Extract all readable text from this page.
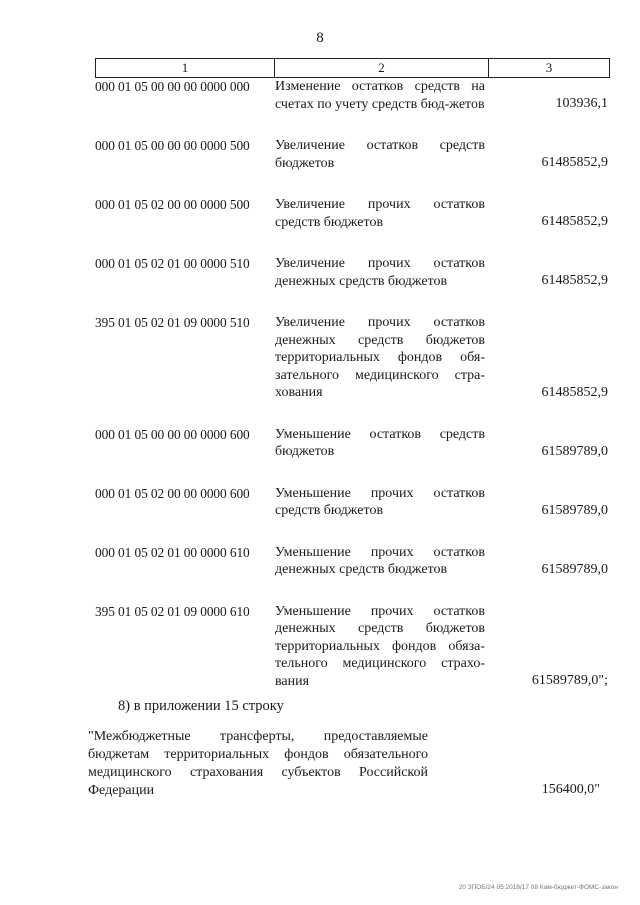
8
1	2	3
000 01 05 00 00 00 0000 000	Изменение остатков средств на счетах по учету средств бюд-жетов	103936,1
000 01 05 00 00 00 0000 500	Увеличение остатков средств бюджетов	61485852,9
000 01 05 02 00 00 0000 500	Увеличение прочих остатков средств бюджетов	61485852,9
000 01 05 02 01 00 0000 510	Увеличение прочих остатков денежных средств бюджетов	61485852,9
395 01 05 02 01 09 0000 510	Увеличение прочих остатков денежных средств бюджетов территориальных фондов обя-зательного медицинского стра-хования	61485852,9
000 01 05 00 00 00 0000 600	Уменьшение остатков средств бюджетов	61589789,0
000 01 05 02 00 00 0000 600	Уменьшение прочих остатков средств бюджетов	61589789,0
000 01 05 02 01 00 0000 610	Уменьшение прочих остатков денежных средств бюджетов	61589789,0
395 01 05 02 01 09 0000 610	Уменьшение прочих остатков денежных средств бюджетов территориальных фондов обяза-тельного медицинского страхо-вания	61589789,0";
8) в приложении 15 строку
"Межбюджетные трансферты, предоставляемые бюджетам территориальных фондов обязательного медицинского страхования субъектов Российской Федерации	156400,0"
20 ЗПОБ/24 05 2018/17 08 Кам-бюджет-ФОМС-закон
